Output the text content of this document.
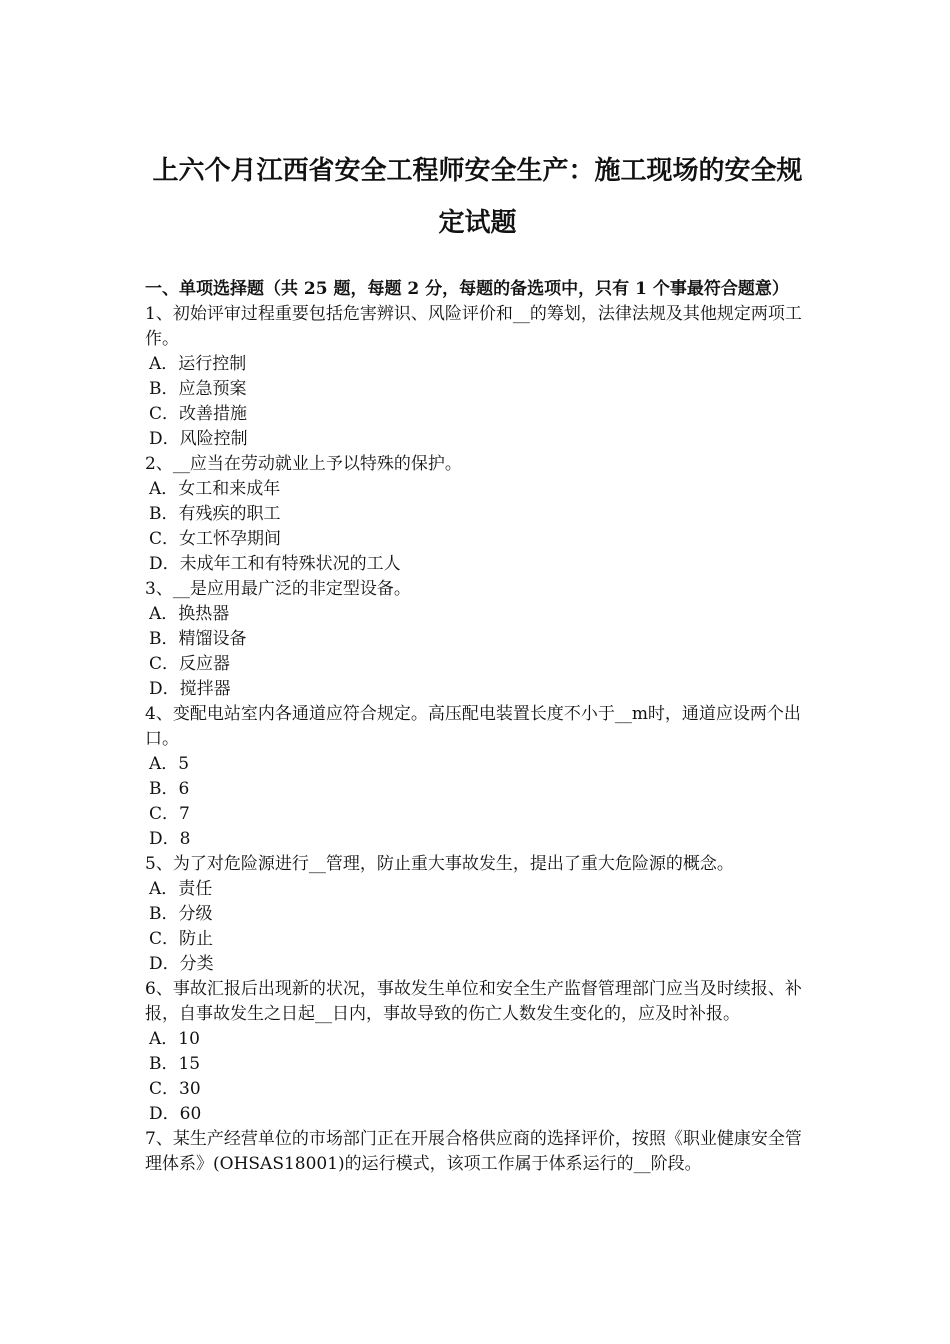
上六个月江西省安全工程师安全生产：施工现场的安全规
定试题
一、单项选择题（共 25 题，每题 2 分，每题的备选项中，只有 1 个事最符合题意）
1、初始评审过程重要包括危害辨识、风险评价和__的筹划，法律法规及其他规定两项工作。
A．运行控制
B．应急预案
C．改善措施
D．风险控制
2、__应当在劳动就业上予以特殊的保护。
A．女工和来成年
B．有残疾的职工
C．女工怀孕期间
D．未成年工和有特殊状况的工人
3、__是应用最广泛的非定型设备。
A．换热器
B．精馏设备
C．反应器
D．搅拌器
4、变配电站室内各通道应符合规定。高压配电装置长度不小于__m时，通道应设两个出口。
A．5
B．6
C．7
D．8
5、为了对危险源进行__管理，防止重大事故发生，提出了重大危险源的概念。
A．责任
B．分级
C．防止
D．分类
6、事故汇报后出现新的状况，事故发生单位和安全生产监督管理部门应当及时续报、补报，自事故发生之日起__日内，事故导致的伤亡人数发生变化的，应及时补报。
A．10
B．15
C．30
D．60
7、某生产经营单位的市场部门正在开展合格供应商的选择评价，按照《职业健康安全管理体系》(OHSAS18001)的运行模式，该项工作属于体系运行的__阶段。
